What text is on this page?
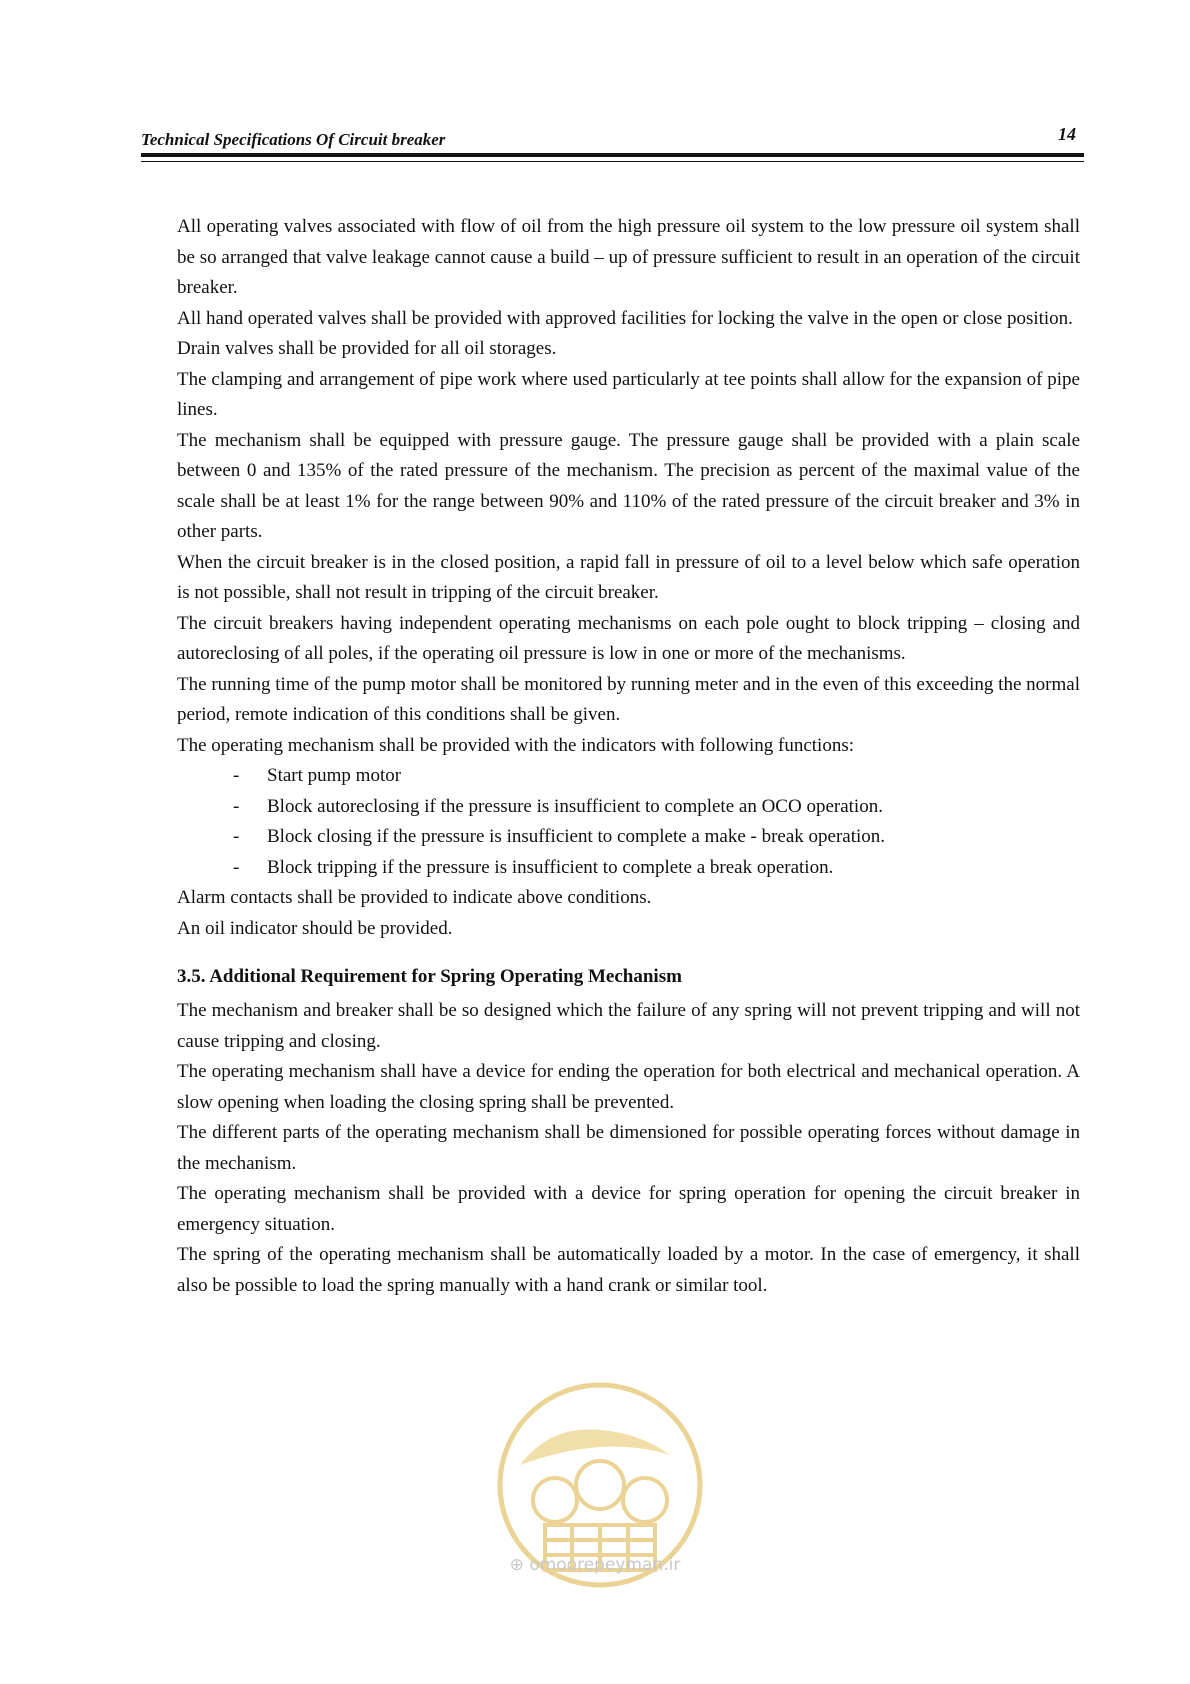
Technical Specifications Of Circuit breaker	14

All operating valves associated with flow of oil from the high pressure oil system to the low pressure oil system shall be so arranged that valve leakage cannot cause a build – up of pressure sufficient to result in an operation of the circuit breaker.

All hand operated valves shall be provided with approved facilities for locking the valve in the open or close position.

Drain valves shall be provided for all oil storages.

The clamping and arrangement of pipe work where used particularly at tee points shall allow for the expansion of pipe lines.

The mechanism shall be equipped with pressure gauge. The pressure gauge shall be provided with a plain scale between 0 and 135% of the rated pressure of the mechanism. The precision as percent of the maximal value of the scale shall be at least 1% for the range between 90% and 110% of the rated pressure of the circuit breaker and 3% in other parts.

When the circuit breaker is in the closed position, a rapid fall in pressure of oil to a level below which safe operation is not possible, shall not result in tripping of the circuit breaker.

The circuit breakers having independent operating mechanisms on each pole ought to block tripping – closing and autoreclosing of all poles, if the operating oil pressure is low in one or more of the mechanisms.

The running time of the pump motor shall be monitored by running meter and in the even of this exceeding the normal period, remote indication of this conditions shall be given.

The operating mechanism shall be provided with the indicators with following functions:

- Start pump motor
- Block autoreclosing if the pressure is insufficient to complete an OCO operation.
- Block closing if the pressure is insufficient to complete a make - break operation.
- Block tripping if the pressure is insufficient to complete a break operation.

Alarm contacts shall be provided to indicate above conditions.

An oil indicator should be provided.

3.5. Additional Requirement for Spring Operating Mechanism

The mechanism and breaker shall be so designed which the failure of any spring will not prevent tripping and will not cause tripping and closing.

The operating mechanism shall have a device for ending the operation for both electrical and mechanical operation. A slow opening when loading the closing spring shall be prevented.

The different parts of the operating mechanism shall be dimensioned for possible operating forces without damage in the mechanism.

The operating mechanism shall be provided with a device for spring operation for opening the circuit breaker in emergency situation.

The spring of the operating mechanism shall be automatically loaded by a motor. In the case of emergency, it shall also be possible to load the spring manually with a hand crank or similar tool.

⊕ omoorepeyman.ir
